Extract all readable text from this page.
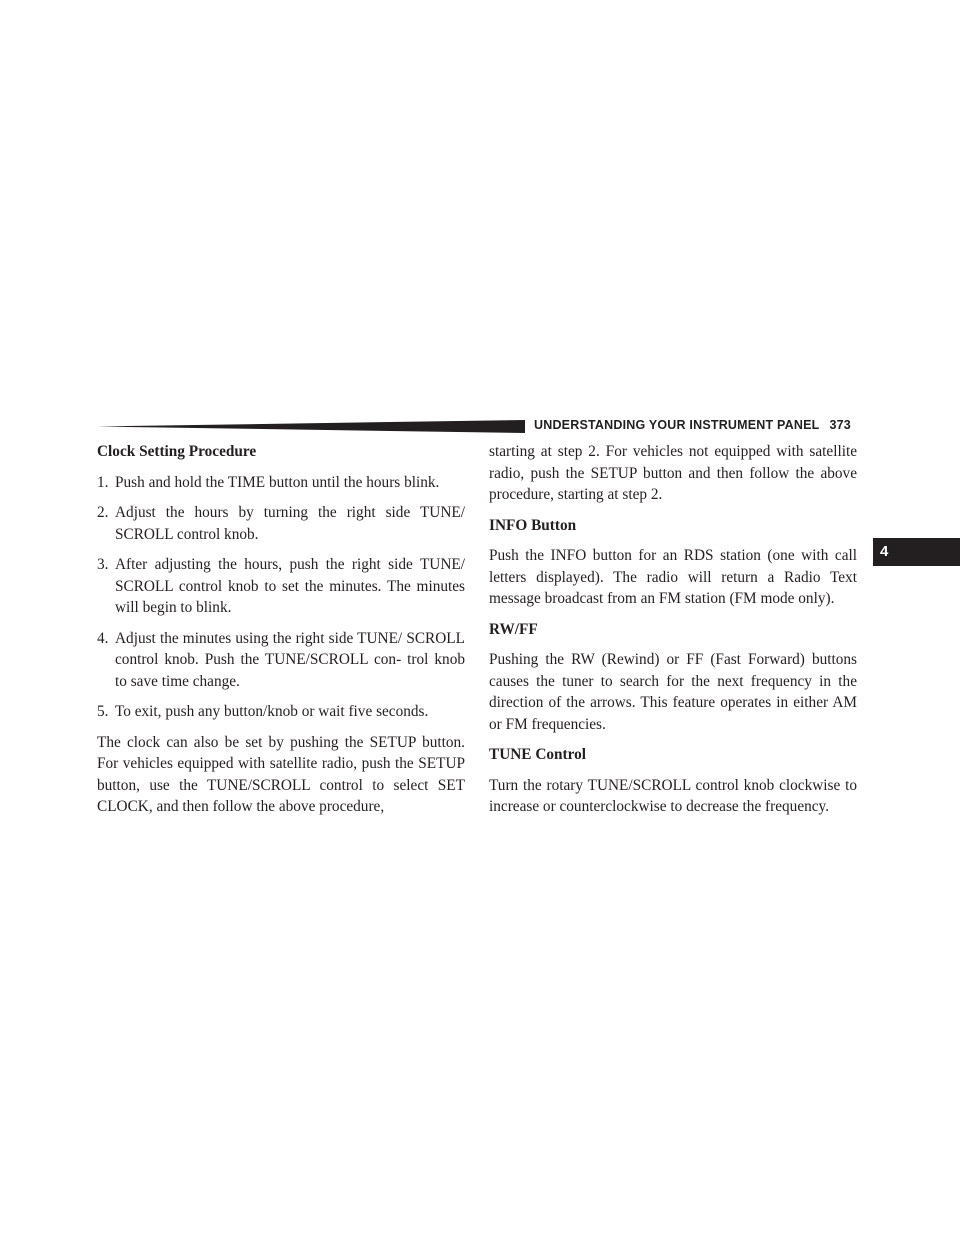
UNDERSTANDING YOUR INSTRUMENT PANEL 373
4
Clock Setting Procedure
1. Push and hold the TIME button until the hours blink.
2. Adjust the hours by turning the right side TUNE/ SCROLL control knob.
3. After adjusting the hours, push the right side TUNE/ SCROLL control knob to set the minutes. The minutes will begin to blink.
4. Adjust the minutes using the right side TUNE/ SCROLL control knob. Push the TUNE/SCROLL con- trol knob to save time change.
5. To exit, push any button/knob or wait five seconds.

The clock can also be set by pushing the SETUP button. For vehicles equipped with satellite radio, push the SETUP button, use the TUNE/SCROLL control to select SET CLOCK, and then follow the above procedure,

starting at step 2. For vehicles not equipped with satellite radio, push the SETUP button and then follow the above procedure, starting at step 2.

INFO Button

Push the INFO button for an RDS station (one with call letters displayed). The radio will return a Radio Text message broadcast from an FM station (FM mode only).

RW/FF

Pushing the RW (Rewind) or FF (Fast Forward) buttons causes the tuner to search for the next frequency in the direction of the arrows. This feature operates in either AM or FM frequencies.

TUNE Control

Turn the rotary TUNE/SCROLL control knob clockwise to increase or counterclockwise to decrease the frequency.
